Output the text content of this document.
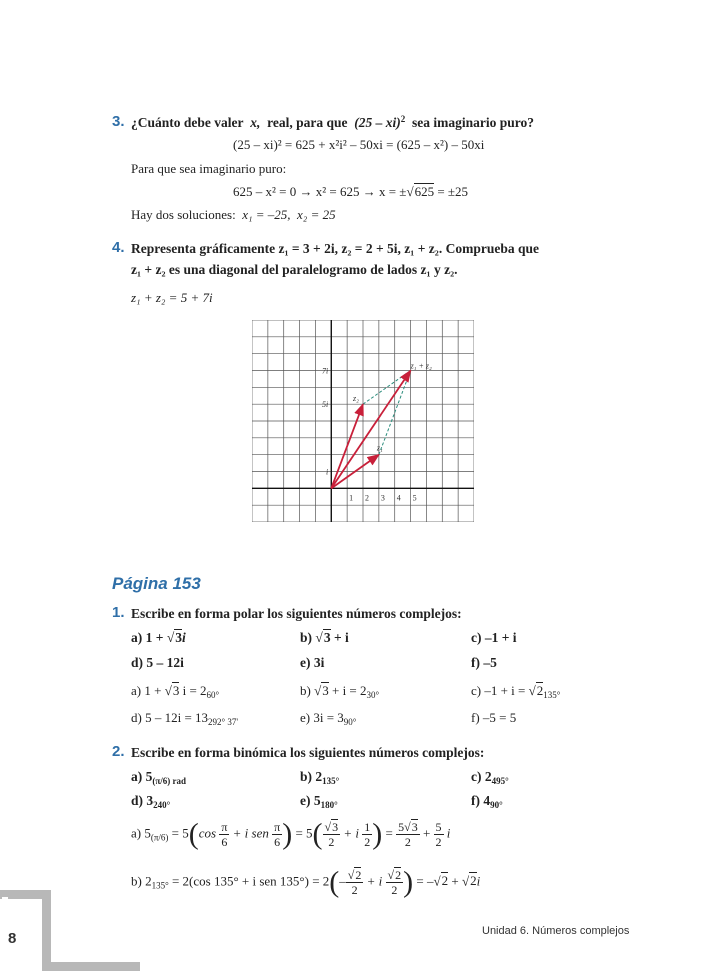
3. ¿Cuánto debe valer x, real, para que (25 – xi)$^2$ sea imaginario puro?
(25 – xi)² = 625 + x²i² – 50xi = (625 – x²) – 50xi
Para que sea imaginario puro:
625 – x² = 0 → x² = 625 → x = ±√625 = ±25
Hay dos soluciones: x₁ = –25, x₂ = 25
4. Representa gráficamente z₁ = 3 + 2i, z₂ = 2 + 5i, z₁ + z₂. Comprueba que
z₁ + z₂ es una diagonal del paralelogramo de lados z₁ y z₂.
z₁ + z₂ = 5 + 7i
1 2 3 4 5
i
5i
7i
z₁
z₂
z₁ + z₂
Página 153
1. Escribe en forma polar los siguientes números complejos:
a) 1 + √3i	b) √3 + i	c) –1 + i
d) 5 – 12i	e) 3i	f) –5
a) 1 + √3 $i = 2_{60^\circ}$	b) $√3 + i = 2_{30^\circ}$	c) $-1 + i = √2_{135^\circ}$
d) $5 - 12i = 13_{292^\circ 37'}$	e) $3i = 3_{90^\circ}$	f) –5 = 5
2. Escribe en forma binómica los siguientes números complejos:
a) $5_{(\pi/6) rad}$	b) $2_{135^\circ}$	c) $2_{495^\circ}$
d) $3_{240^\circ}$	e) $5_{180^\circ}$	f) $4_{90^\circ}$
a) $5_{(\pi/6)} = 5(\cos \frac{\pi}{6} + i$ sen $\frac{\pi}{6}$ ) = $5( \frac{√3}{2} + i \frac{1}{2}$ ) = $\frac{5√3}{2} + \frac{5}{2}$ i
b) $2_{135^\circ} = 2(\cos$ 135° + i sen $135^\circ) = 2(- \frac{√2}{2} + i \frac{√2}{2}$ ) = –√2 + √2i
8	Unidad 6. Números complejos
